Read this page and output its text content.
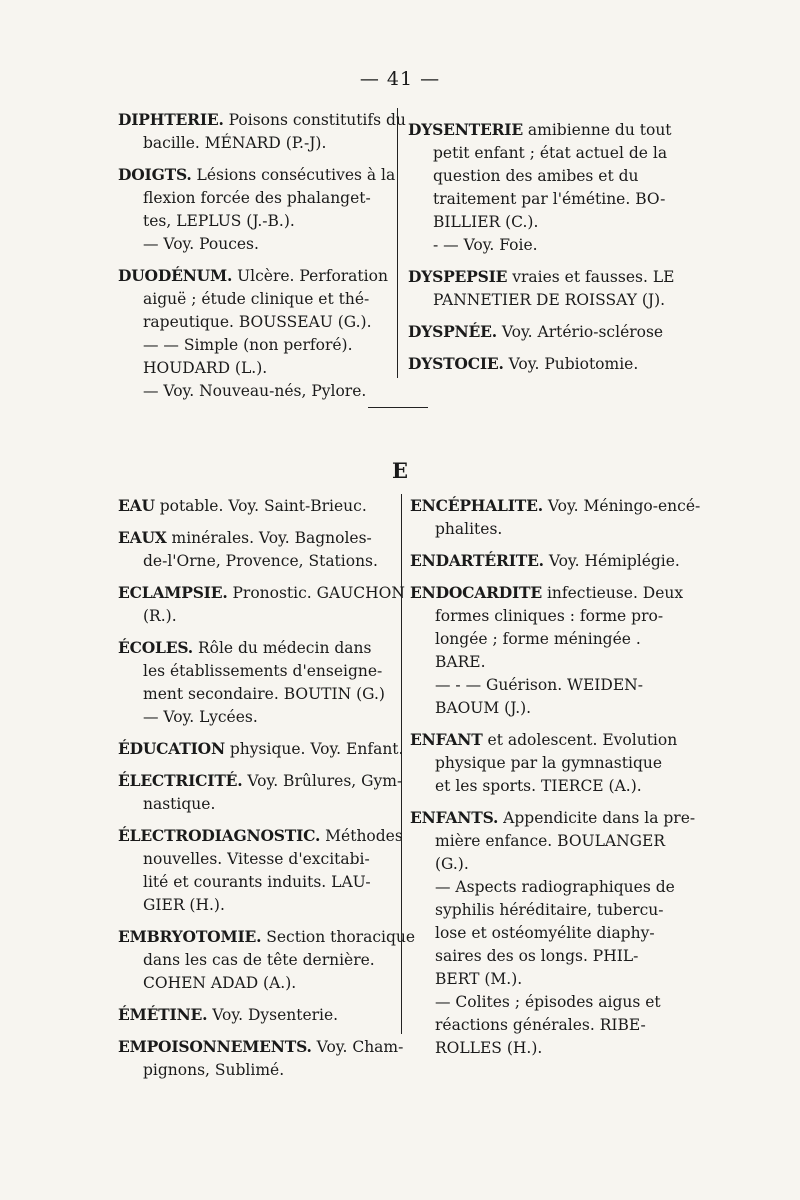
— 41 —
E
DIPHTERIE. Poisons constitutifs du
bacille. MÉNARD (P.-J).
DOIGTS. Lésions consécutives à la
flexion forcée des phalanget-
tes, LEPLUS (J.-B.).
— Voy. Pouces.
DUODÉNUM. Ulcère. Perforation
aiguë ; étude clinique et thé-
rapeutique. BOUSSEAU (G.).
— — Simple (non perforé).
HOUDARD (L.).
— Voy. Nouveau-nés, Pylore.
DYSENTERIE amibienne du tout
petit enfant ; état actuel de la
question des amibes et du
traitement par l'émétine. BO-
BILLIER (C.).
- — Voy. Foie.
DYSPEPSIE vraies et fausses. LE
PANNETIER DE ROISSAY (J).
DYSPNÉE. Voy. Artério-sclérose
DYSTOCIE. Voy. Pubiotomie.
EAU potable. Voy. Saint-Brieuc.
EAUX minérales. Voy. Bagnoles-
de-l'Orne, Provence, Stations.
ECLAMPSIE. Pronostic. GAUCHON
(R.).
ÉCOLES. Rôle du médecin dans
les établissements d'enseigne-
ment secondaire. BOUTIN (G.)
— Voy. Lycées.
ÉDUCATION physique. Voy. Enfant.
ÉLECTRICITÉ. Voy. Brûlures, Gym-
nastique.
ÉLECTRODIAGNOSTIC. Méthodes
nouvelles. Vitesse d'excitabi-
lité et courants induits. LAU-
GIER (H.).
EMBRYOTOMIE. Section thoracique
dans les cas de tête dernière.
COHEN ADAD (A.).
ÉMÉTINE. Voy. Dysenterie.
EMPOISONNEMENTS. Voy. Cham-
pignons, Sublimé.
ENCÉPHALITE. Voy. Méningo-encé-
phalites.
ENDARTÉRITE. Voy. Hémiplégie.
ENDOCARDITE infectieuse. Deux
formes cliniques : forme pro-
longée ; forme méningée .
BARE.
— - — Guérison. WEIDEN-
BAOUM (J.).
ENFANT et adolescent. Evolution
physique par la gymnastique
et les sports. TIERCE (A.).
ENFANTS. Appendicite dans la pre-
mière enfance. BOULANGER
(G.).
— Aspects radiographiques de
syphilis héréditaire, tubercu-
lose et ostéomyélite diaphy-
saires des os longs. PHIL-
BERT (M.).
— Colites ; épisodes aigus et
réactions générales. RIBE-
ROLLES (H.).
